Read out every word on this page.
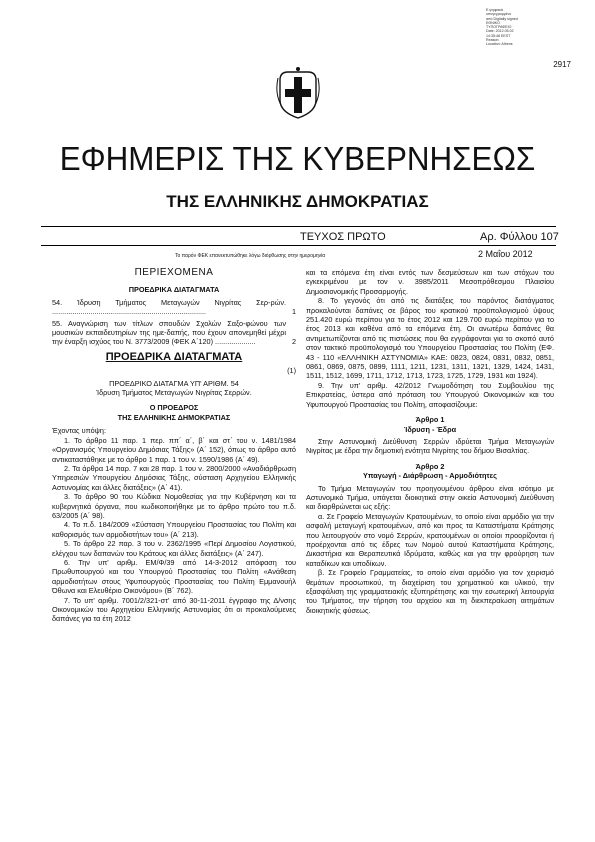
Ε ψηφιακά
υπογεγραμμένο
από Digitally signed
ΕΘΝΙΚΟ
ΤΥΠΟΓΡΑΦΕΙΟ
Date: 2012.05.02
14:35:48 EEST
Reason:
Location: Athens
2917
ΕΦΗΜΕΡΙΣ ΤΗΣ ΚΥΒΕΡΝΗΣΕΩΣ
ΤΗΣ ΕΛΛΗΝΙΚΗΣ ΔΗΜΟΚΡΑΤΙΑΣ
ΤΕΥΧΟΣ ΠΡΩΤΟ	Αρ. Φύλλου 107
Το παρόν ΦΕΚ επανεκτυπώθηκε λόγω διόρθωσης στην ημερομηνία	2 Μαΐου 2012

ΠΕΡΙΕΧΟΜΕΝΑ

ΠΡΟΕΔΡΙΚΑ ΔΙΑΤΑΓΜΑΤΑ

54. Ίδρυση Τμήματος Μεταγωγών Νιγρίτας Σερ-ρών. ............................................................................	1
55. Αναγνώριση των τίτλων σπουδών Σχολών Σαξο-φώνου των μουσικών εκπαιδευτηρίων της ημε-δαπής, που έχουν απονεμηθεί μέχρι την έναρξη ισχύος του Ν. 3773/2009 (ΦΕΚ Α΄120) ....................	2

ΠΡΟΕΔΡΙΚΑ ΔΙΑΤΑΓΜΑΤΑ

(1)

ΠΡΟΕΔΡΙΚΟ ΔΙΑΤΑΓΜΑ ΥΠ' ΑΡΙΘΜ. 54

Ίδρυση Τμήματος Μεταγωγών Νιγρίτας Σερρών.

Ο ΠΡΟΕΔΡΟΣ

ΤΗΣ ΕΛΛΗΝΙΚΗΣ ΔΗΜΟΚΡΑΤΙΑΣ

Έχοντας υπόψη:

1. Το άρθρο 11 παρ. 1 περ. ππ΄ α΄, β΄ και στ΄ του ν. 1481/1984 «Οργανισμός Υπουργείου Δημόσιας Τάξης» (Α΄ 152), όπως το άρθρο αυτό αντικαταστάθηκε με το άρθρο 1 παρ. 1 του ν. 1590/1986 (Α΄ 49).

2. Τα άρθρα 14 παρ. 7 και 28 παρ. 1 του ν. 2800/2000 «Αναδιάρθρωση Υπηρεσιών Υπουργείου Δημόσιας Τάξης, σύσταση Αρχηγείου Ελληνικής Αστυνομίας και άλλες διατάξεις» (Α΄ 41).

3. Το άρθρο 90 του Κώδικα Νομοθεσίας για την Κυβέρνηση και τα κυβερνητικά όργανα, που κωδικοποιήθηκε με το άρθρο πρώτο του π.δ. 63/2005 (Α΄ 98).

4. Το π.δ. 184/2009 «Σύσταση Υπουργείου Προστασίας του Πολίτη και καθορισμός των αρμοδιοτήτων του» (Α΄ 213).

5. Το άρθρο 22 παρ. 3 του ν. 2362/1995 «Περί Δημοσίου Λογιστικού, ελέγχου των δαπανών του Κράτους και άλλες διατάξεις» (Α΄ 247).

6. Την υπ' αριθμ. ΕΜ/Φ/39 από 14-3-2012 απόφαση του Πρωθυπουργού και του Υπουργού Προστασίας του Πολίτη «Ανάθεση αρμοδιοτήτων στους Υφυπουργούς Προστασίας του Πολίτη Εμμανουήλ Όθωνα και Ελευθέριο Οικονόμου» (Β΄ 762).

7. Το υπ' αριθμ. 7001/2/321-στ' από 30-11-2011 έγγραφο της Δ/νσης Οικονομικών του Αρχηγείου Ελληνικής Αστυνομίας ότι οι προκαλούμενες δαπάνες για τα έτη 2012

και τα επόμενα έτη είναι εντός των δεσμεύσεων και των στόχων του εγκεκριμένου με τον ν. 3985/2011 Μεσοπρόθεσμου Πλαισίου Δημοσιονομικής Προσαρμογής.

8. Το γεγονός ότι από τις διατάξεις του παρόντος διατάγματος προκαλούνται δαπάνες σε βάρος του κρατικού προϋπολογισμού ύψους 251.420 ευρώ περίπου για το έτος 2012 και 129.700 ευρώ περίπου για το έτος 2013 και καθένα από τα επόμενα έτη. Οι ανωτέρω δαπάνες θα αντιμετωπίζονται από τις πιστώσεις που θα εγγράφονται για το σκοπό αυτό στον τακτικό προϋπολογισμό του Υπουργείου Προστασίας του Πολίτη (ΕΦ. 43 - 110 «ΕΛΛΗΝΙΚΗ ΑΣΤΥΝΟΜΙΑ» ΚΑΕ: 0823, 0824, 0831, 0832, 0851, 0861, 0869, 0875, 0899, 1111, 1211, 1231, 1311, 1321, 1329, 1424, 1431, 1511, 1512, 1699, 1711, 1712, 1713, 1723, 1725, 1729, 1931 και 1924).

9. Την υπ' αριθμ. 42/2012 Γνωμοδότηση του Συμβουλίου της Επικρατείας, ύστερα από πρόταση του Υπουργού Οικονομικών και του Υφυπουργού Προστασίας του Πολίτη, αποφασίζουμε:

Άρθρο 1

Ίδρυση - Έδρα

Στην Αστυνομική Διεύθυνση Σερρών ιδρύεται Τμήμα Μεταγωγών Νιγρίτας με έδρα την δημοτική ενότητα Νιγρίτης του δήμου Βισαλτίας.

Άρθρο 2

Υπαγωγή - Διάρθρωση - Αρμοδιότητες

Το Τμήμα Μεταγωγών του προηγουμένου άρθρου είναι ισότιμο με Αστυνομικό Τμήμα, υπάγεται διοικητικά στην οικεία Αστυνομική Διεύθυνση και διαρθρώνεται ως εξής:

α. Σε Γραφείο Μεταγωγών Κρατουμένων, το οποίο είναι αρμόδιο για την ασφαλή μεταγωγή κρατουμένων, από και προς τα Καταστήματα Κράτησης που λειτουργούν στο νομό Σερρών, κρατουμένων οι οποίοι προορίζονται ή προέρχονται από τις έδρες των Νομού αυτού Καταστήματα Κράτησης, Δικαστήρια και Θεραπευτικά Ιδρύματα, καθώς και για την φρούρηση των καταδίκων και υποδίκων.

β. Σε Γραφείο Γραμματείας, το οποίο είναι αρμόδιο για τον χειρισμό θεμάτων προσωπικού, τη διαχείριση του χρηματικού και υλικού, την εξασφάλιση της γραμματειακής εξυπηρέτησης και την εσωτερική λειτουργία του Τμήματος, την τήρηση του αρχείου και τη διεκπεραίωση αιτημάτων διοικητικής φύσεως.
